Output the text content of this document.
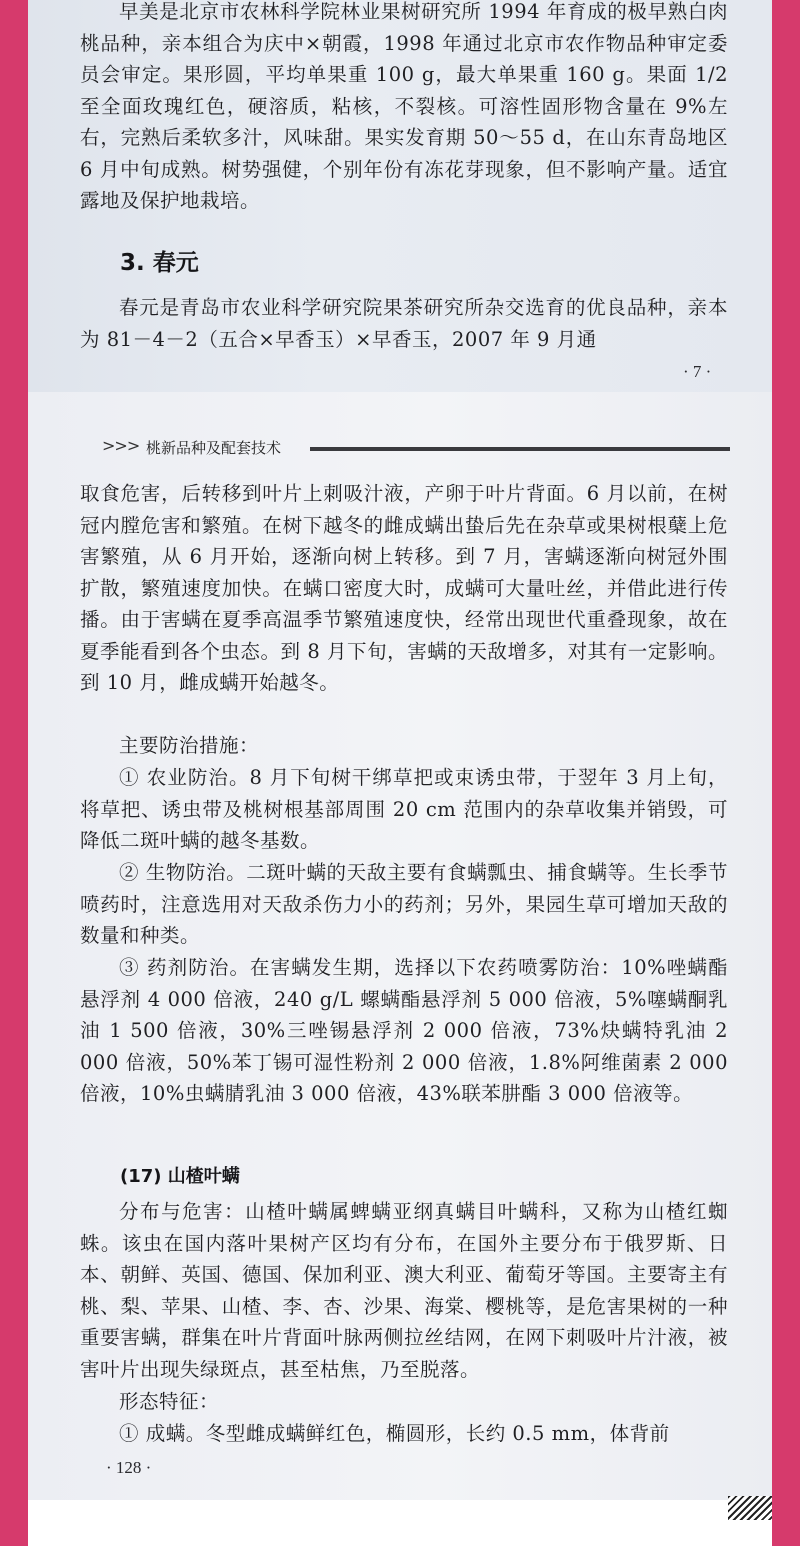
早美是北京市农林科学院林业果树研究所 1994 年育成的极早熟白肉桃品种，亲本组合为庆中×朝霞，1998 年通过北京市农作物品种审定委员会审定。果形圆，平均单果重 100 g，最大单果重 160 g。果面 1/2 至全面玫瑰红色，硬溶质，粘核，不裂核。可溶性固形物含量在 9%左右，完熟后柔软多汁，风味甜。果实发育期 50～55 d，在山东青岛地区 6 月中旬成熟。树势强健，个别年份有冻花芽现象，但不影响产量。适宜露地及保护地栽培。
3. 春元
春元是青岛市农业科学研究院果茶研究所杂交选育的优良品种，亲本为 81－4－2（五合×早香玉）×早香玉，2007 年 9 月通
· 7 ·
>>> 桃新品种及配套技术
取食危害，后转移到叶片上刺吸汁液，产卵于叶片背面。6 月以前，在树冠内膛危害和繁殖。在树下越冬的雌成螨出蛰后先在杂草或果树根蘖上危害繁殖，从 6 月开始，逐渐向树上转移。到 7 月，害螨逐渐向树冠外围扩散，繁殖速度加快。在螨口密度大时，成螨可大量吐丝，并借此进行传播。由于害螨在夏季高温季节繁殖速度快，经常出现世代重叠现象，故在夏季能看到各个虫态。到 8 月下旬，害螨的天敌增多，对其有一定影响。到 10 月，雌成螨开始越冬。
主要防治措施：
① 农业防治。8 月下旬树干绑草把或束诱虫带，于翌年 3 月上旬，将草把、诱虫带及桃树根基部周围 20 cm 范围内的杂草收集并销毁，可降低二斑叶螨的越冬基数。
② 生物防治。二斑叶螨的天敌主要有食螨瓢虫、捕食螨等。生长季节喷药时，注意选用对天敌杀伤力小的药剂；另外，果园生草可增加天敌的数量和种类。
③ 药剂防治。在害螨发生期，选择以下农药喷雾防治：10%唑螨酯悬浮剂 4 000 倍液，240 g/L 螺螨酯悬浮剂 5 000 倍液，5%噻螨酮乳油 1 500 倍液，30%三唑锡悬浮剂 2 000 倍液，73%炔螨特乳油 2 000 倍液，50%苯丁锡可湿性粉剂 2 000 倍液，1.8%阿维菌素 2 000 倍液，10%虫螨腈乳油 3 000 倍液，43%联苯肼酯 3 000 倍液等。
(17) 山楂叶螨
分布与危害：山楂叶螨属蜱螨亚纲真螨目叶螨科，又称为山楂红蜘蛛。该虫在国内落叶果树产区均有分布，在国外主要分布于俄罗斯、日本、朝鲜、英国、德国、保加利亚、澳大利亚、葡萄牙等国。主要寄主有桃、梨、苹果、山楂、李、杏、沙果、海棠、樱桃等，是危害果树的一种重要害螨，群集在叶片背面叶脉两侧拉丝结网，在网下刺吸叶片汁液，被害叶片出现失绿斑点，甚至枯焦，乃至脱落。
形态特征：
① 成螨。冬型雌成螨鲜红色，椭圆形，长约 0.5 mm，体背前
· 128 ·
